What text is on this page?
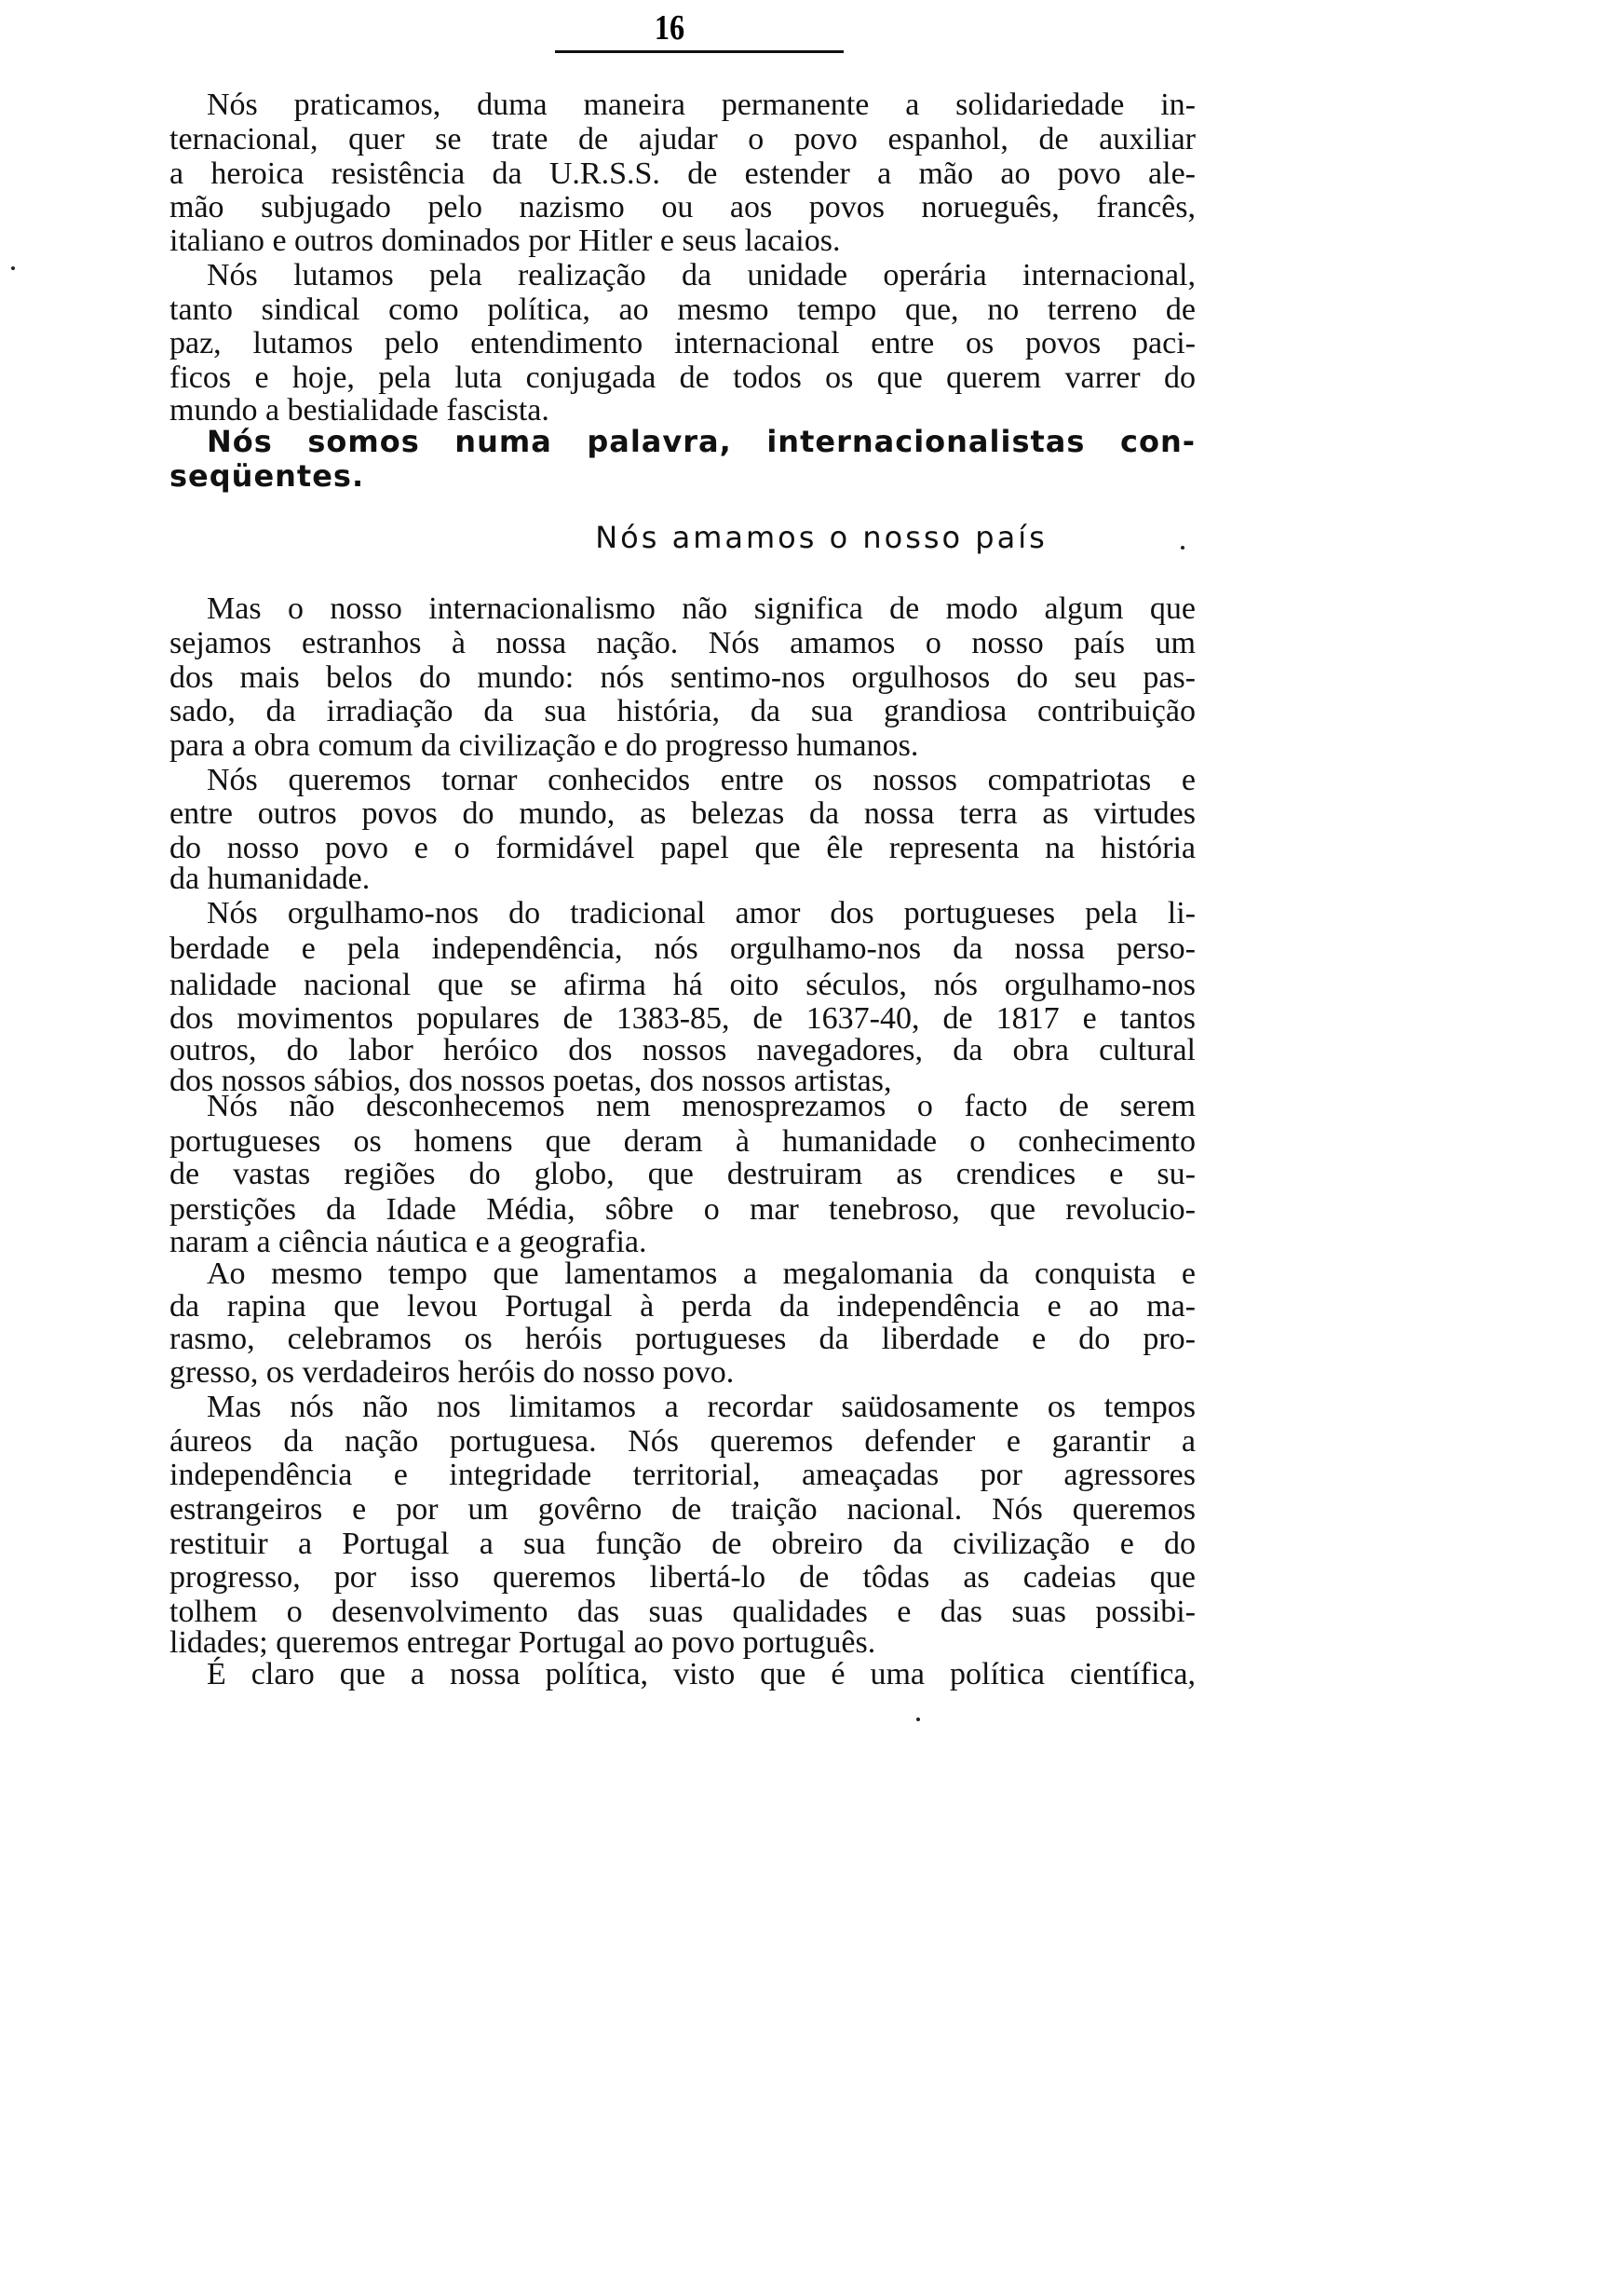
16
Nós amamos o nosso país
Nós praticamos, duma maneira permanente a solidariedade in-
ternacional, quer se trate de ajudar o povo espanhol, de auxiliar
a heroica resistência da U.R.S.S. de estender a mão ao povo ale-
mão subjugado pelo nazismo ou aos povos norueguês, francês,
italiano e outros dominados por Hitler e seus lacaios.
Nós lutamos pela realização da unidade operária internacional,
tanto sindical como política, ao mesmo tempo que, no terreno de
paz, lutamos pelo entendimento internacional entre os povos paci-
ficos e hoje, pela luta conjugada de todos os que querem varrer do
mundo a bestialidade fascista.
Nós somos numa palavra, internacionalistas con-
seqüentes.
Mas o nosso internacionalismo não significa de modo algum que
sejamos estranhos à nossa nação. Nós amamos o nosso país um
dos mais belos do mundo: nós sentimo-nos orgulhosos do seu pas-
sado, da irradiação da sua história, da sua grandiosa contribuição
para a obra comum da civilização e do progresso humanos.
Nós queremos tornar conhecidos entre os nossos compatriotas e
entre outros povos do mundo, as belezas da nossa terra as virtudes
do nosso povo e o formidável papel que êle representa na história
da humanidade.
Nós orgulhamo-nos do tradicional amor dos portugueses pela li-
berdade e pela independência, nós orgulhamo-nos da nossa perso-
nalidade nacional que se afirma há oito séculos, nós orgulhamo-nos
dos movimentos populares de 1383-85, de 1637-40, de 1817 e tantos
outros, do labor heróico dos nossos navegadores, da obra cultural
dos nossos sábios, dos nossos poetas, dos nossos artistas,
Nós não desconhecemos nem menosprezamos o facto de serem
portugueses os homens que deram à humanidade o conhecimento
de vastas regiões do globo, que destruiram as crendices e su-
perstições da Idade Média, sôbre o mar tenebroso, que revolucio-
naram a ciência náutica e a geografia.
Ao mesmo tempo que lamentamos a megalomania da conquista e
da rapina que levou Portugal à perda da independência e ao ma-
rasmo, celebramos os heróis portugueses da liberdade e do pro-
gresso, os verdadeiros heróis do nosso povo.
Mas nós não nos limitamos a recordar saüdosamente os tempos
áureos da nação portuguesa. Nós queremos defender e garantir a
independência e integridade territorial, ameaçadas por agressores
estrangeiros e por um govêrno de traição nacional. Nós queremos
restituir a Portugal a sua função de obreiro da civilização e do
progresso, por isso queremos libertá-lo de tôdas as cadeias que
tolhem o desenvolvimento das suas qualidades e das suas possibi-
lidades; queremos entregar Portugal ao povo português.
É claro que a nossa política, visto que é uma política científica,
